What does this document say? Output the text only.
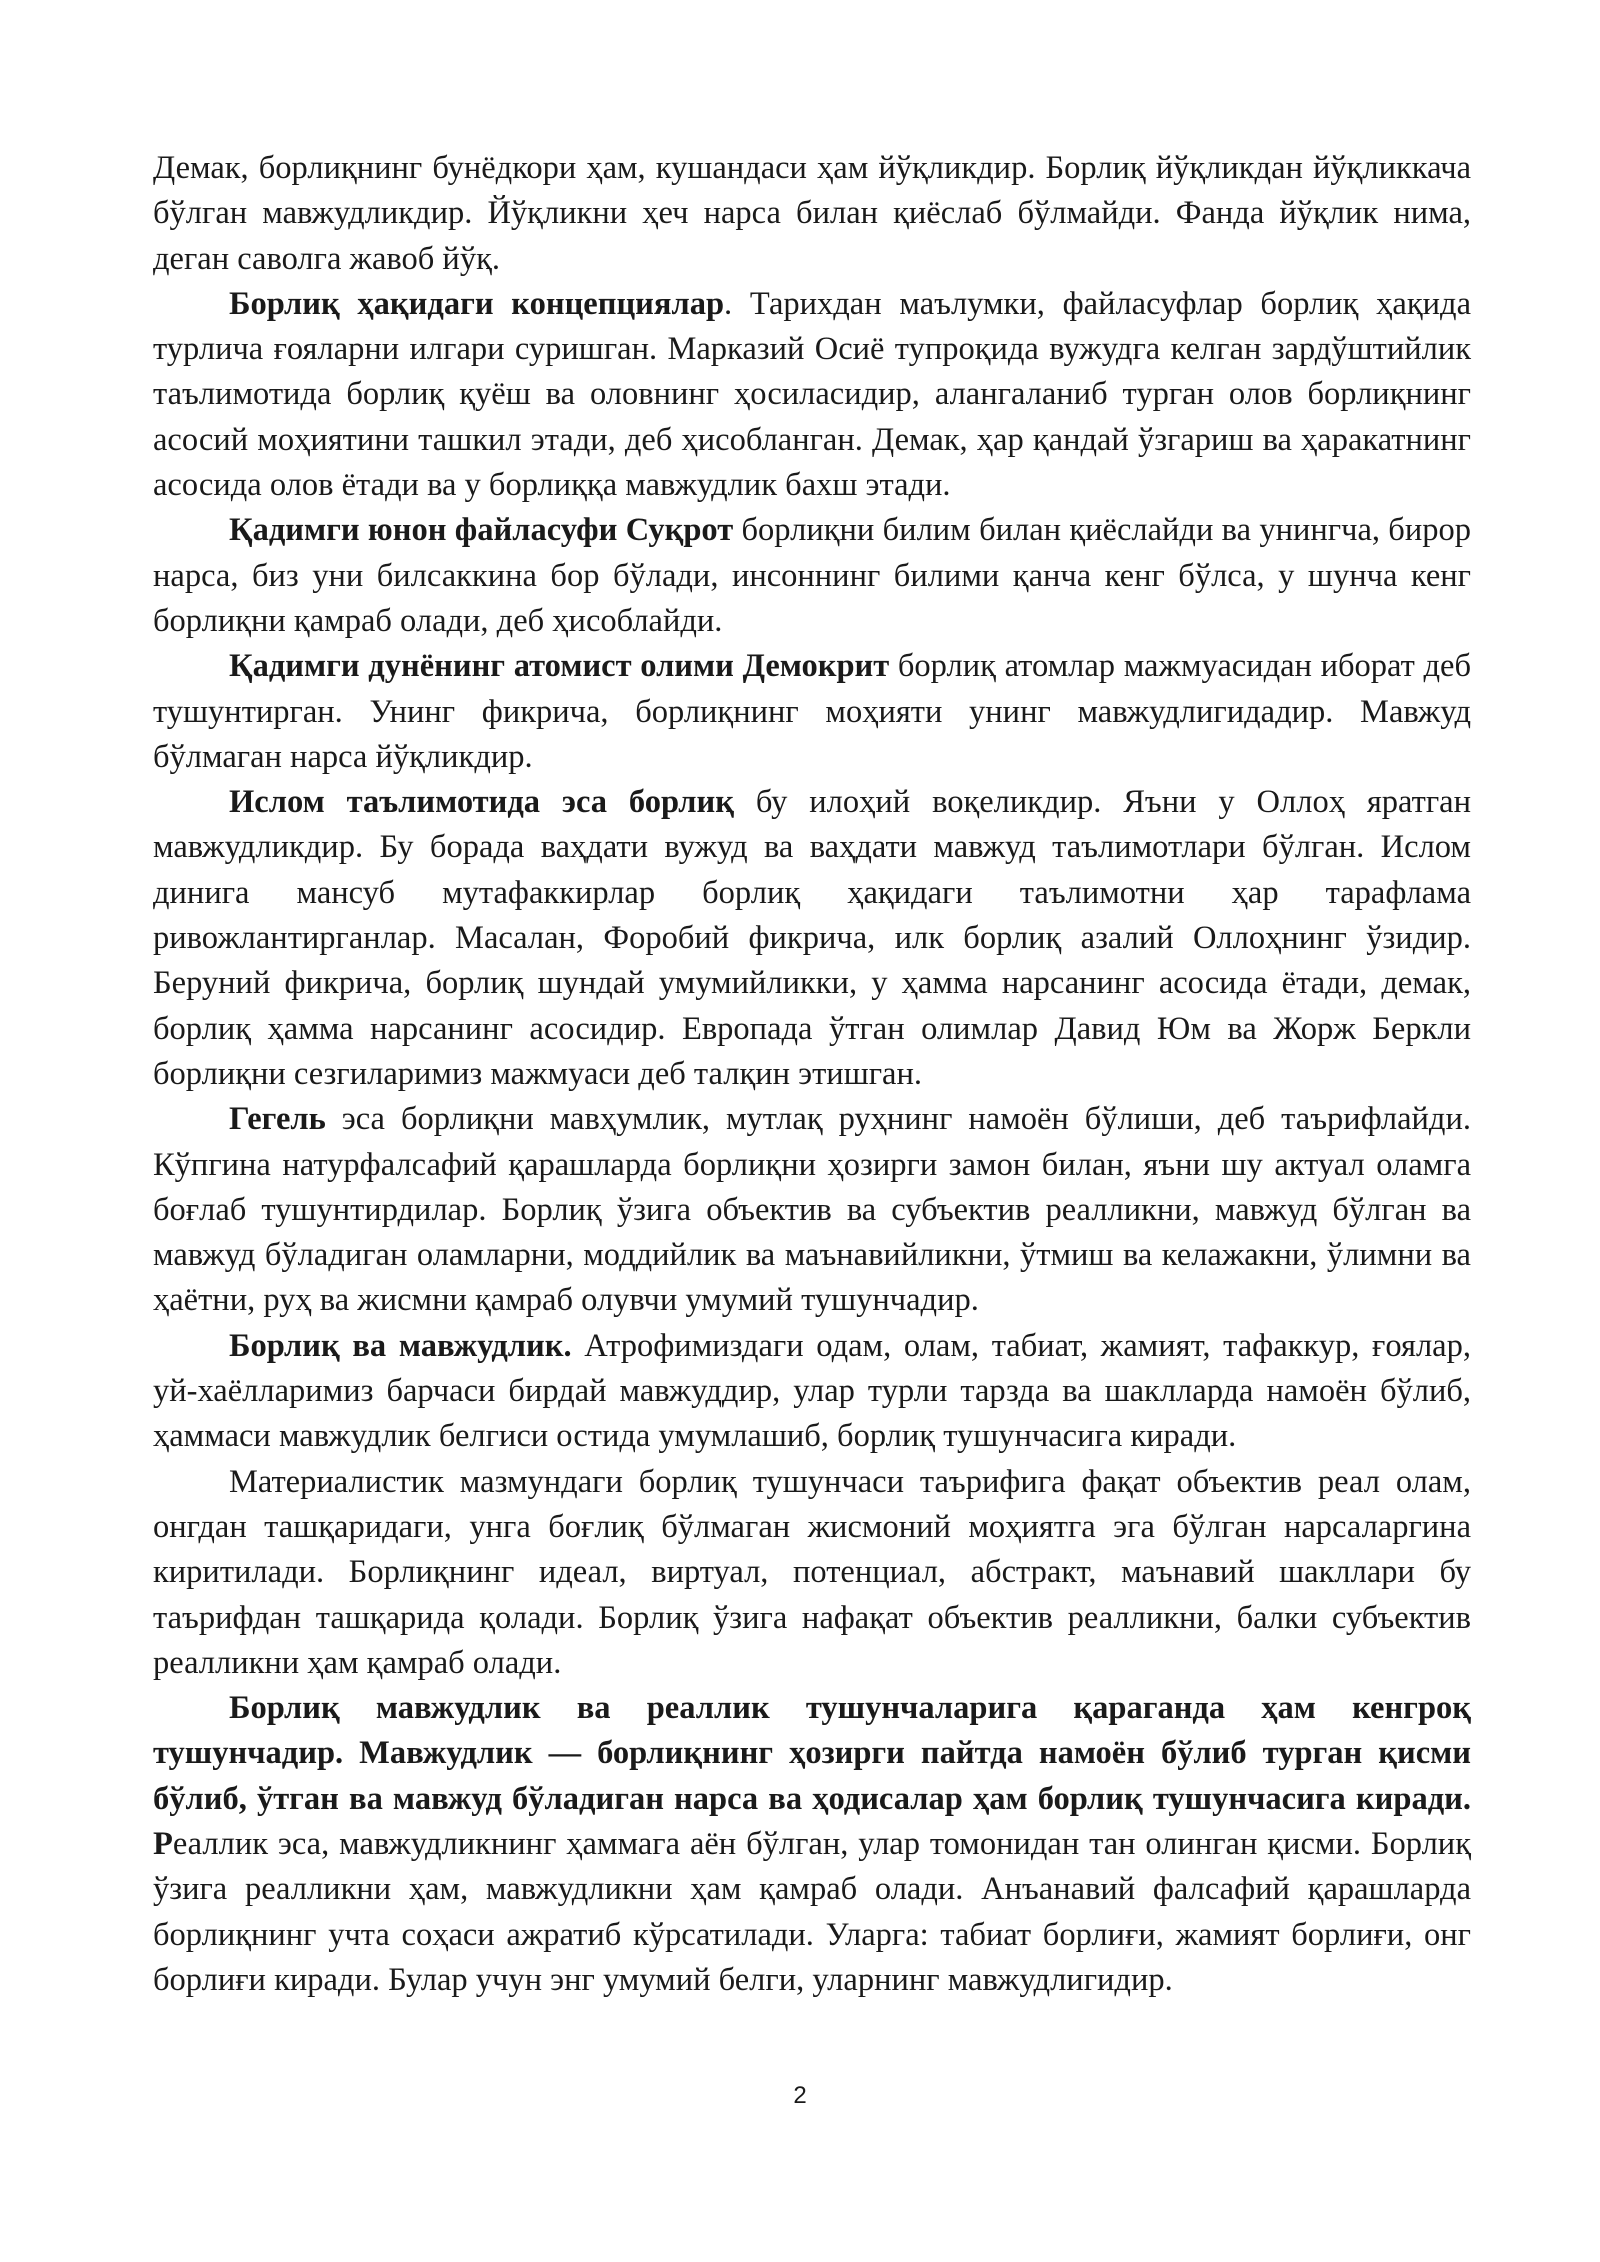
Демак, борлиқнинг бунёдкори ҳам, кушандаси ҳам йўқликдир. Борлиқ йўқликдан йўқликкача бўлган мавжудликдир. Йўқликни ҳеч нарса билан қиёслаб бўлмайди. Фанда йўқлик нима, деган саволга жавоб йўқ.

Борлиқ ҳақидаги концепциялар. Тарихдан маълумки, файласуфлар борлиқ ҳақида турлича ғояларни илгари суришган. Марказий Осиё тупроқида вужудга келган зардўштийлик таълимотида борлиқ қуёш ва оловнинг ҳосиласидир, алангаланиб турган олов борлиқнинг асосий моҳиятини ташкил этади, деб ҳисобланган. Демак, ҳар қандай ўзгариш ва ҳаракатнинг асосида олов ётади ва у борлиққа мавжудлик бахш этади.

Қадимги юнон файласуфи Суқрот борлиқни билим билан қиёслайди ва унингча, бирор нарса, биз уни билсаккина бор бўлади, инсоннинг билими қанча кенг бўлса, у шунча кенг борлиқни қамраб олади, деб ҳисоблайди.

Қадимги дунёнинг атомист олими Демокрит борлиқ атомлар мажмуасидан иборат деб тушунтирган. Унинг фикрича, борлиқнинг моҳияти унинг мавжудлигидадир. Мавжуд бўлмаган нарса йўқликдир.

Ислом таълимотида эса борлиқ бу илоҳий воқеликдир. Яъни у Оллоҳ яратган мавжудликдир. Бу борада ваҳдати вужуд ва ваҳдати мавжуд таълимотлари бўлган. Ислом динига мансуб мутафаккирлар борлиқ ҳақидаги таълимотни ҳар тарафлама ривожлантирганлар. Масалан, Форобий фикрича, илк борлиқ азалий Оллоҳнинг ўзидир. Беруний фикрича, борлиқ шундай умумийликки, у ҳамма нарсанинг асосида ётади, демак, борлиқ ҳамма нарсанинг асосидир. Европада ўтган олимлар Давид Юм ва Жорж Беркли борлиқни сезгиларимиз мажмуаси деб талқин этишган.

Гегель эса борлиқни мавҳумлик, мутлақ руҳнинг намоён бўлиши, деб таърифлайди. Кўпгина натурфалсафий қарашларда борлиқни ҳозирги замон билан, яъни шу актуал оламга боғлаб тушунтирдилар. Борлиқ ўзига объектив ва субъектив реалликни, мавжуд бўлган ва мавжуд бўладиган оламларни, моддийлик ва маънавийликни, ўтмиш ва келажакни, ўлимни ва ҳаётни, руҳ ва жисмни қамраб олувчи умумий тушунчадир.

Борлиқ ва мавжудлик. Атрофимиздаги одам, олам, табиат, жамият, тафаккур, ғоялар, уй-хаёлларимиз барчаси бирдай мавжуддир, улар турли тарзда ва шаклларда намоён бўлиб, ҳаммаси мавжудлик белгиси остида умумлашиб, борлиқ тушунчасига киради.

Материалистик мазмундаги борлиқ тушунчаси таърифига фақат объектив реал олам, онгдан ташқаридаги, унга боғлиқ бўлмаган жисмоний моҳиятга эга бўлган нарсаларгина киритилади. Борлиқнинг идеал, виртуал, потенциал, абстракт, маънавий шакллари бу таърифдан ташқарида қолади. Борлиқ ўзига нафақат объектив реалликни, балки субъектив реалликни ҳам қамраб олади.

Борлиқ мавжудлик ва реаллик тушунчаларига қараганда ҳам кенгроқ тушунчадир. Мавжудлик — борлиқнинг ҳозирги пайтда намоён бўлиб турган қисми бўлиб, ўтган ва мавжуд бўладиган нарса ва ҳодисалар ҳам борлиқ тушунчасига киради. Реаллик эса, мавжудликнинг ҳаммага аён бўлган, улар томонидан тан олинган қисми. Борлиқ ўзига реалликни ҳам, мавжудликни ҳам қамраб олади. Анъанавий фалсафий қарашларда борлиқнинг учта соҳаси ажратиб кўрсатилади. Уларга: табиат борлиғи, жамият борлиғи, онг борлиғи киради. Булар учун энг умумий белги, уларнинг мавжудлигидир.

2
